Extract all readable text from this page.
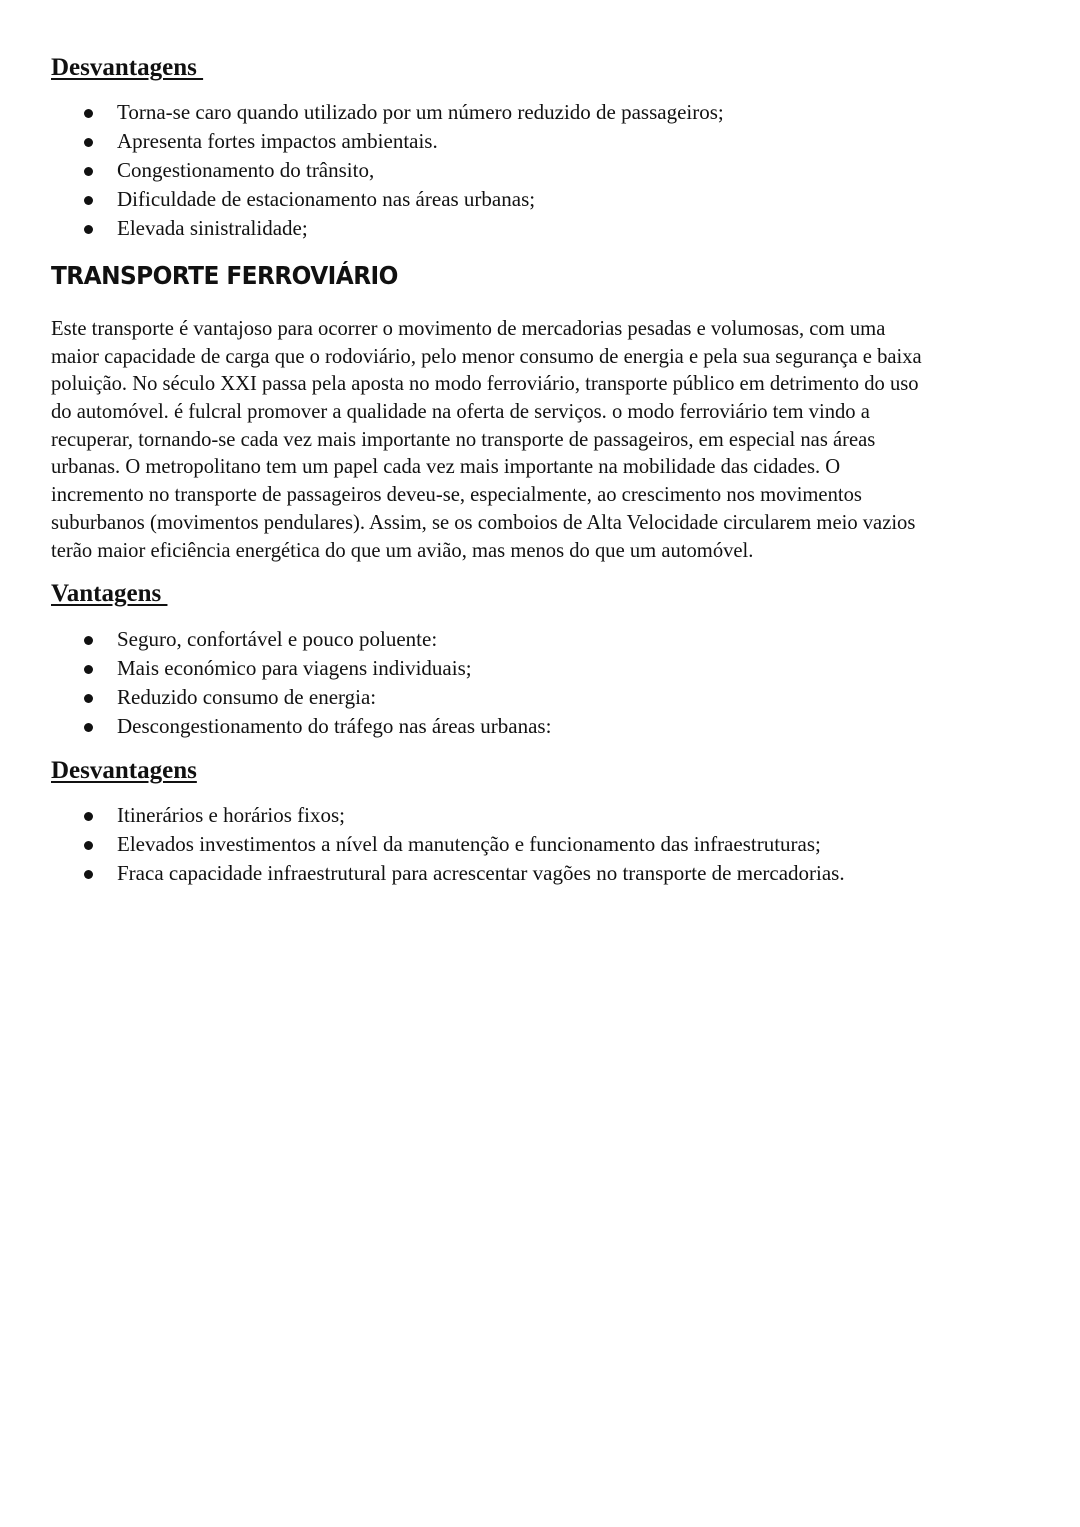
Desvantagens
Torna-se caro quando utilizado por um número reduzido de passageiros;
Apresenta fortes impactos ambientais.
Congestionamento do trânsito,
Dificuldade de estacionamento nas áreas urbanas;
Elevada sinistralidade;
TRANSPORTE FERROVIÁRIO

Este transporte é vantajoso para ocorrer o movimento de mercadorias pesadas e volumosas, com uma
maior capacidade de carga que o rodoviário, pelo menor consumo de energia e pela sua segurança e baixa
poluição. No século XXI passa pela aposta no modo ferroviário, transporte público em detrimento do uso
do automóvel. é fulcral promover a qualidade na oferta de serviços. o modo ferroviário tem vindo a
recuperar, tornando-se cada vez mais importante no transporte de passageiros, em especial nas áreas
urbanas. O metropolitano tem um papel cada vez mais importante na mobilidade das cidades. O
incremento no transporte de passageiros deveu-se, especialmente, ao crescimento nos movimentos
suburbanos (movimentos pendulares). Assim, se os comboios de Alta Velocidade circularem meio vazios
terão maior eficiência energética do que um avião, mas menos do que um automóvel.

Vantagens
Seguro, confortável e pouco poluente:
Mais económico para viagens individuais;
Reduzido consumo de energia:
Descongestionamento do tráfego nas áreas urbanas:
Desvantagens
Itinerários e horários fixos;
Elevados investimentos a nível da manutenção e funcionamento das infraestruturas;
Fraca capacidade infraestrutural para acrescentar vagões no transporte de mercadorias.
